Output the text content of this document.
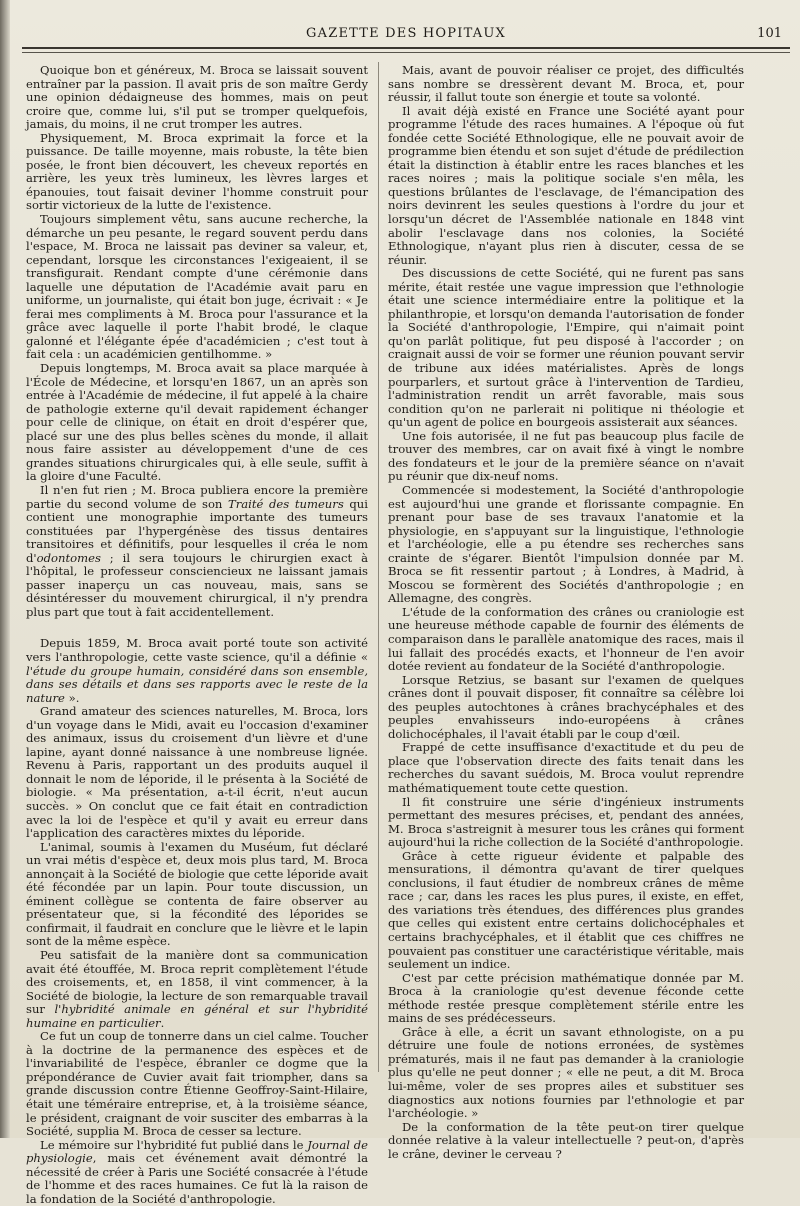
GAZETTE DES HOPITAUX	101

Quoique bon et généreux, M. Broca se laissait souvent entraîner par la passion. Il avait pris de son maître Gerdy une opinion dédaigneuse des hommes, mais on peut croire que, comme lui, s'il put se tromper quelquefois, jamais, du moins, il ne crut tromper les autres.

Physiquement, M. Broca exprimait la force et la puissance. De taille moyenne, mais robuste, la tête bien posée, le front bien découvert, les cheveux reportés en arrière, les yeux très lumineux, les lèvres larges et épanouies, tout faisait deviner l'homme construit pour sortir victorieux de la lutte de l'existence.

Toujours simplement vêtu, sans aucune recherche, la démarche un peu pesante, le regard souvent perdu dans l'espace, M. Broca ne laissait pas deviner sa valeur, et, cependant, lorsque les circonstances l'exigeaient, il se transfigurait. Rendant compte d'une cérémonie dans laquelle une députation de l'Académie avait paru en uniforme, un journaliste, qui était bon juge, écrivait : « Je ferai mes compliments à M. Broca pour l'assurance et la grâce avec laquelle il porte l'habit brodé, le claque galonné et l'élégante épée d'académicien ; c'est tout à fait cela : un académicien gentilhomme. »

Depuis longtemps, M. Broca avait sa place marquée à l'École de Médecine, et lorsqu'en 1867, un an après son entrée à l'Académie de médecine, il fut appelé à la chaire de pathologie externe qu'il devait rapidement échanger pour celle de clinique, on était en droit d'espérer que, placé sur une des plus belles scènes du monde, il allait nous faire assister au développement d'une de ces grandes situations chirurgicales qui, à elle seule, suffit à la gloire d'une Faculté.

Il n'en fut rien ; M. Broca publiera encore la première partie du second volume de son Traité des tumeurs qui contient une monographie importante des tumeurs constituées par l'hypergénèse des tissus dentaires transitoires et définitifs, pour lesquelles il créa le nom d'odontomes ; il sera toujours le chirurgien exact à l'hôpital, le professeur consciencieux ne laissant jamais passer inaperçu un cas nouveau, mais, sans se désintéresser du mouvement chirurgical, il n'y prendra plus part que tout à fait accidentellement.

Depuis 1859, M. Broca avait porté toute son activité vers l'anthropologie, cette vaste science, qu'il a définie « l'étude du groupe humain, considéré dans son ensemble, dans ses détails et dans ses rapports avec le reste de la nature ».

Grand amateur des sciences naturelles, M. Broca, lors d'un voyage dans le Midi, avait eu l'occasion d'examiner des animaux, issus du croisement d'un lièvre et d'une lapine, ayant donné naissance à une nombreuse lignée. Revenu à Paris, rapportant un des produits auquel il donnait le nom de léporide, il le présenta à la Société de biologie. « Ma présentation, a-t-il écrit, n'eut aucun succès. » On conclut que ce fait était en contradiction avec la loi de l'espèce et qu'il y avait eu erreur dans l'application des caractères mixtes du léporide.

L'animal, soumis à l'examen du Muséum, fut déclaré un vrai métis d'espèce et, deux mois plus tard, M. Broca annonçait à la Société de biologie que cette léporide avait été fécondée par un lapin. Pour toute discussion, un éminent collègue se contenta de faire observer au présentateur que, si la fécondité des léporides se confirmait, il faudrait en conclure que le lièvre et le lapin sont de la même espèce.

Peu satisfait de la manière dont sa communication avait été étouffée, M. Broca reprit complètement l'étude des croisements, et, en 1858, il vint commencer, à la Société de biologie, la lecture de son remarquable travail sur l'hybridité animale en général et sur l'hybridité humaine en particulier.

Ce fut un coup de tonnerre dans un ciel calme. Toucher à la doctrine de la permanence des espèces et de l'invariabilité de l'espèce, ébranler ce dogme que la prépondérance de Cuvier avait fait triompher, dans sa grande discussion contre Étienne Geoffroy-Saint-Hilaire, était une téméraire entreprise, et, à la troisième séance, le président, craignant de voir susciter des embarras à la Société, supplia M. Broca de cesser sa lecture.

Le mémoire sur l'hybridité fut publié dans le Journal de physiologie, mais cet événement avait démontré la nécessité de créer à Paris une Société consacrée à l'étude de l'homme et des races humaines. Ce fut là la raison de la fondation de la Société d'anthropologie.

Mais, avant de pouvoir réaliser ce projet, des difficultés sans nombre se dressèrent devant M. Broca, et, pour réussir, il fallut toute son énergie et toute sa volonté.

Il avait déjà existé en France une Société ayant pour programme l'étude des races humaines. A l'époque où fut fondée cette Société Ethnologique, elle ne pouvait avoir de programme bien étendu et son sujet d'étude de prédilection était la distinction à établir entre les races blanches et les races noires ; mais la politique sociale s'en mêla, les questions brûlantes de l'esclavage, de l'émancipation des noirs devinrent les seules questions à l'ordre du jour et lorsqu'un décret de l'Assemblée nationale en 1848 vint abolir l'esclavage dans nos colonies, la Société Ethnologique, n'ayant plus rien à discuter, cessa de se réunir.

Des discussions de cette Société, qui ne furent pas sans mérite, était restée une vague impression que l'ethnologie était une science intermédiaire entre la politique et la philanthropie, et lorsqu'on demanda l'autorisation de fonder la Société d'anthropologie, l'Empire, qui n'aimait point qu'on parlât politique, fut peu disposé à l'accorder ; on craignait aussi de voir se former une réunion pouvant servir de tribune aux idées matérialistes. Après de longs pourparlers, et surtout grâce à l'intervention de Tardieu, l'administration rendit un arrêt favorable, mais sous condition qu'on ne parlerait ni politique ni théologie et qu'un agent de police en bourgeois assisterait aux séances.

Une fois autorisée, il ne fut pas beaucoup plus facile de trouver des membres, car on avait fixé à vingt le nombre des fondateurs et le jour de la première séance on n'avait pu réunir que dix-neuf noms.

Commencée si modestement, la Société d'anthropologie est aujourd'hui une grande et florissante compagnie. En prenant pour base de ses travaux l'anatomie et la physiologie, en s'appuyant sur la linguistique, l'ethnologie et l'archéologie, elle a pu étendre ses recherches sans crainte de s'égarer. Bientôt l'impulsion donnée par M. Broca se fit ressentir partout ; à Londres, à Madrid, à Moscou se formèrent des Sociétés d'anthropologie ; en Allemagne, des congrès.

L'étude de la conformation des crânes ou craniologie est une heureuse méthode capable de fournir des éléments de comparaison dans le parallèle anatomique des races, mais il lui fallait des procédés exacts, et l'honneur de l'en avoir dotée revient au fondateur de la Société d'anthropologie.

Lorsque Retzius, se basant sur l'examen de quelques crânes dont il pouvait disposer, fit connaître sa célèbre loi des peuples autochtones à crânes brachycéphales et des peuples envahisseurs indo-européens à crânes dolichocéphales, il l'avait établi par le coup d'œil.

Frappé de cette insuffisance d'exactitude et du peu de place que l'observation directe des faits tenait dans les recherches du savant suédois, M. Broca voulut reprendre mathématiquement toute cette question.

Il fit construire une série d'ingénieux instruments permettant des mesures précises, et, pendant des années, M. Broca s'astreignit à mesurer tous les crânes qui forment aujourd'hui la riche collection de la Société d'anthropologie.

Grâce à cette rigueur évidente et palpable des mensurations, il démontra qu'avant de tirer quelques conclusions, il faut étudier de nombreux crânes de même race ; car, dans les races les plus pures, il existe, en effet, des variations très étendues, des différences plus grandes que celles qui existent entre certains dolichocéphales et certains brachycéphales, et il établit que ces chiffres ne pouvaient pas constituer une caractéristique véritable, mais seulement un indice.

C'est par cette précision mathématique donnée par M. Broca à la craniologie qu'est devenue féconde cette méthode restée presque complètement stérile entre les mains de ses prédécesseurs.

Grâce à elle, a écrit un savant ethnologiste, on a pu détruire une foule de notions erronées, de systèmes prématurés, mais il ne faut pas demander à la craniologie plus qu'elle ne peut donner ; « elle ne peut, a dit M. Broca lui-même, voler de ses propres ailes et substituer ses diagnostics aux notions fournies par l'ethnologie et par l'archéologie. »

De la conformation de la tête peut-on tirer quelque donnée relative à la valeur intellectuelle ? peut-on, d'après le crâne, deviner le cerveau ?
